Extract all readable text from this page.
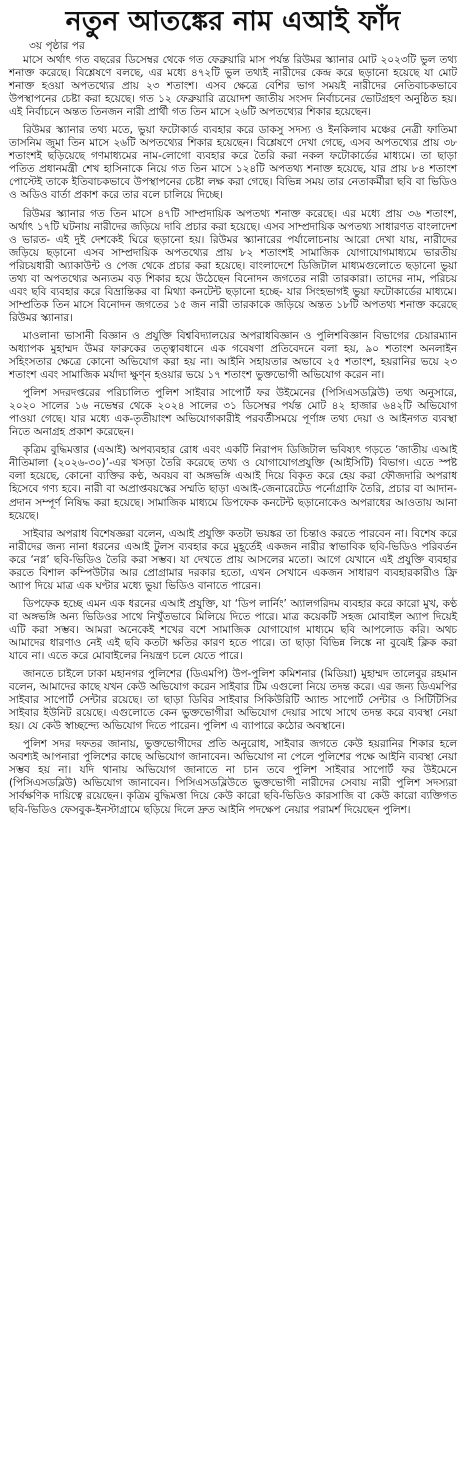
নতুন আতঙ্কের নাম এআই ফাঁদ
৩য় পৃষ্ঠার পর

মাসে অর্থাৎ গত বছরের ডিসেম্বর থেকে গত ফেব্রুয়ারি মাস পর্যন্ত রিউমর স্ক্যানার মোট ২০২৩টি ভুল তথ্য শনাক্ত করেছে। বিশ্লেষণে বলছে, এর মধ্যে ৪৭২টি ভুল তথ্যই নারীদের কেন্দ্র করে ছড়ানো হয়েছে যা মোট শনাক্ত হওয়া অপতথ্যের প্রায় ২৩ শতাংশ। এসব ক্ষেত্রে বেশির ভাগ সময়ই নারীদের নেতিবাচকভাবে উপস্থাপনের চেষ্টা করা হয়েছে। গত ১২ ফেব্রুয়ারি ত্রয়োদশ জাতীয় সংসদ নির্বাচনের ভোটগ্রহণ অনুষ্ঠিত হয়। এই নির্বাচনে অন্তত তিনজন নারী প্রার্থী গত তিন মাসে ২৬টি অপতথ্যের শিকার হয়েছেন।

রিউমর স্ক্যানার তথ্য মতে, ভুয়া ফটোকার্ড ব্যবহার করে ডাকসু সদস্য ও ইনকিলাব মঞ্চের নেত্রী ফাতিমা তাসনিম জুমা তিন মাসে ২৬টি অপতথ্যের শিকার হয়েছেন। বিশ্লেষণে দেখা গেছে, এসব অপতথ্যের প্রায় ৩৮ শতাংশই ছড়িয়েছে গণমাধ্যমের নাম-লোগো ব্যবহার করে তৈরি করা নকল ফটোকার্ডের মাধ্যমে। তা ছাড়া পতিত প্রধানমন্ত্রী শেখ হাসিনাকে নিয়ে গত তিন মাসে ১২৪টি অপতথ্য শনাক্ত হয়েছে, যার প্রায় ৮৪ শতাংশ পোস্টেই তাকে ইতিবাচকভাবে উপস্থাপনের চেষ্টা লক্ষ করা গেছে। বিভিন্ন সময় তার নেতাকর্মীরা ছবি বা ভিডিও ও অডিও বার্তা প্রকাশ করে তার বলে চালিয়ে দিচ্ছে।

রিউমর স্ক্যানার গত তিন মাসে ৪৭টি সাম্প্রদায়িক অপতথ্য শনাক্ত করেছে। এর মধ্যে প্রায় ৩৬ শতাংশ, অর্থাৎ ১৭টি ঘটনায় নারীদের জড়িয়ে দাবি প্রচার করা হয়েছে। এসব সাম্প্রদায়িক অপতথ্য সাধারণত বাংলাদেশ ও ভারত- এই দুই দেশকেই ঘিরে ছড়ানো হয়। রিউমর স্ক্যানারের পর্যালোচনায় আরো দেখা যায়, নারীদের জড়িয়ে ছড়ানো এসব সাম্প্রদায়িক অপতথ্যের প্রায় ৮২ শতাংশই সামাজিক যোগাযোগমাধ্যমে ভারতীয় পরিচয়ধারী অ্যাকাউন্ট ও পেজ থেকে প্রচার করা হয়েছে। বাংলাদেশে ডিজিটাল মাধ্যমগুলোতে ছড়ানো ভুয়া তথ্য বা অপতথ্যের অন্যতম বড় শিকার হয়ে উঠেছেন বিনোদন জগতের নারী তারকারা। তাদের নাম, পরিচয় এবং ছবি ব্যবহার করে বিভ্রান্তিকর বা মিথ্যা কনটেন্ট ছড়ানো হচ্ছে- যার সিংহভাগই ভুয়া ফটোকার্ডের মাধ্যমে। সাম্প্রতিক তিন মাসে বিনোদন জগতের ১৫ জন নারী তারকাকে জড়িয়ে অন্তত ১৮টি অপতথ্য শনাক্ত করেছে রিউমর স্ক্যানার।

মাওলানা ভাসানী বিজ্ঞান ও প্রযুক্তি বিশ্ববিদ্যালয়ের অপরাধবিজ্ঞান ও পুলিশবিজ্ঞান বিভাগের চেয়ারম্যান অধ্যাপক মুহাম্মদ উমর ফারুকের তত্ত্বাবধানে এক গবেষণা প্রতিবেদনে বলা হয়, ৯০ শতাংশ অনলাইন সহিংসতার ক্ষেত্রে কোনো অভিযোগ করা হয় না। আইনি সহায়তার অভাবে ২৫ শতাংশ, হয়রানির ভয়ে ২৩ শতাংশ এবং সামাজিক মর্যাদা ক্ষুণ্ন হওয়ার ভয়ে ১৭ শতাংশ ভুক্তভোগী অভিযোগ করেন না।

পুলিশ সদরদপ্তরের পরিচালিত পুলিশ সাইবার সাপোর্ট ফর উইমেনের (পিসিএসডব্লিউ) তথ্য অনুসারে, ২০২০ সালের ১৬ নভেম্বর থেকে ২০২৪ সালের ৩১ ডিসেম্বর পর্যন্ত মোট ৪২ হাজার ৬৪২টি অভিযোগ পাওয়া গেছে। যার মধ্যে এক-তৃতীয়াংশ অভিযোগকারীই পরবর্তীসময়ে পূর্ণাঙ্গ তথ্য দেয়া ও আইনগত ব্যবস্থা নিতে অনাগ্রহ প্রকাশ করেছেন।

কৃত্রিম বুদ্ধিমত্তার (এআই) অপব্যবহার রোধ এবং একটি নিরাপদ ডিজিটাল ভবিষ্যৎ গড়তে ‘জাতীয় এআই নীতিমালা (২০২৬-৩০)’-এর খসড়া তৈরি করেছে তথ্য ও যোগাযোগপ্রযুক্তি (আইসিটি) বিভাগ। এতে স্পষ্ট বলা হয়েছে, কোনো ব্যক্তির কণ্ঠ, অবয়ব বা অঙ্গভঙ্গি এআই দিয়ে বিকৃত করে হেয় করা ফৌজদারি অপরাধ হিসেবে গণ্য হবে। নারী বা অপ্রাপ্তবয়স্কের সম্মতি ছাড়া এআই-জেনারেটেড পর্নোগ্রাফি তৈরি, প্রচার বা আদান-প্রদান সম্পূর্ণ নিষিদ্ধ করা হয়েছে। সামাজিক মাধ্যমে ডিপফেক কনটেন্ট ছড়ানোকেও অপরাধের আওতায় আনা হয়েছে।

সাইবার অপরাধ বিশেষজ্ঞরা বলেন, এআই প্রযুক্তি কতটা ভয়ঙ্কর তা চিন্তাও করতে পারবেন না। বিশেষ করে নারীদের জন্য নানা ধরনের এআই টুলস ব্যবহার করে মুহূর্তেই একজন নারীর স্বাভাবিক ছবি-ভিডিও পরিবর্তন করে ‘নগ্ন’ ছবি-ভিডিও তৈরি করা সম্ভব। যা দেখতে প্রায় আসলের মতো। আগে যেখানে এই প্রযুক্তি ব্যবহার করতে বিশাল কম্পিউটার আর প্রোগ্রামার দরকার হতো, এখন সেখানে একজন সাধারণ ব্যবহারকারীও ফ্রি অ্যাপ দিয়ে মাত্র এক ঘণ্টার মধ্যে ভুয়া ভিডিও বানাতে পারেন।

ডিপফেক হচ্ছে এমন এক ধরনের এআই প্রযুক্তি, যা ‘ডিপ লার্নিং’ অ্যালগরিদম ব্যবহার করে কারো মুখ, কণ্ঠ বা অঙ্গভঙ্গি অন্য ভিডিওর সাথে নিখুঁতভাবে মিলিয়ে দিতে পারে। মাত্র কয়েকটি সহজ মোবাইল অ্যাপ দিয়েই এটি করা সম্ভব। আমরা অনেকেই শখের বশে সামাজিক যোগাযোগ মাধ্যমে ছবি আপলোড করি। অথচ আমাদের ধারণাও নেই এই ছবি কতটা ক্ষতির কারণ হতে পারে। তা ছাড়া বিভিন্ন লিঙ্কে না বুঝেই ক্লিক করা যাবে না। এতে করে মোবাইলের নিয়ন্ত্রণ চলে যেতে পারে।

জানতে চাইলে ঢাকা মহানগর পুলিশের (ডিএমপি) উপ-পুলিশ কমিশনার (মিডিয়া) মুহাম্মদ তালেবুর রহমান বলেন, আমাদের কাছে যখন কেউ অভিযোগ করেন সাইবার টিম এগুলো নিয়ে তদন্ত করে। এর জন্য ডিএমপির সাইবার সাপোর্ট সেন্টার রয়েছে। তা ছাড়া ডিবির সাইবার সিকিউরিটি অ্যান্ড সাপোর্ট সেন্টার ও সিটিটিসির সাইবার ইউনিট রয়েছে। এগুলোতে কেন ভুক্তভোগীরা অভিযোগ দেয়ার সাথে সাথে তদন্ত করে ব্যবস্থা নেয়া হয়। যে কেউ স্বাচ্ছন্দ্যে অভিযোগ দিতে পারেন। পুলিশ এ ব্যাপারে কঠোর অবস্থানে।

পুলিশ সদর দফতর জানায়, ভুক্তভোগীদের প্রতি অনুরোধ, সাইবার জগতে কেউ হয়রানির শিকার হলে অবশ্যই আপনারা পুলিশের কাছে অভিযোগ জানাবেন। অভিযোগ না পেলে পুলিশের পক্ষে আইনি ব্যবস্থা নেয়া সম্ভব হয় না। যদি থানায় অভিযোগ জানাতে না চান তবে পুলিশ সাইবার সাপোর্ট ফর উইমেনে (পিসিএসডব্লিউ) অভিযোগ জানাবেন। পিসিএসডব্লিউতে ভুক্তভোগী নারীদের সেবায় নারী পুলিশ সদস্যরা সার্বক্ষণিক দায়িত্বে রয়েছেন। কৃত্রিম বুদ্ধিমত্তা দিয়ে কেউ কারো ছবি-ভিডিও কারসাজি বা কেউ কারো ব্যক্তিগত ছবি-ভিডিও ফেসবুক-ইনস্টাগ্রামে ছড়িয়ে দিলে দ্রুত আইনি পদক্ষেপ নেয়ার পরামর্শ দিয়েছেন পুলিশ।
